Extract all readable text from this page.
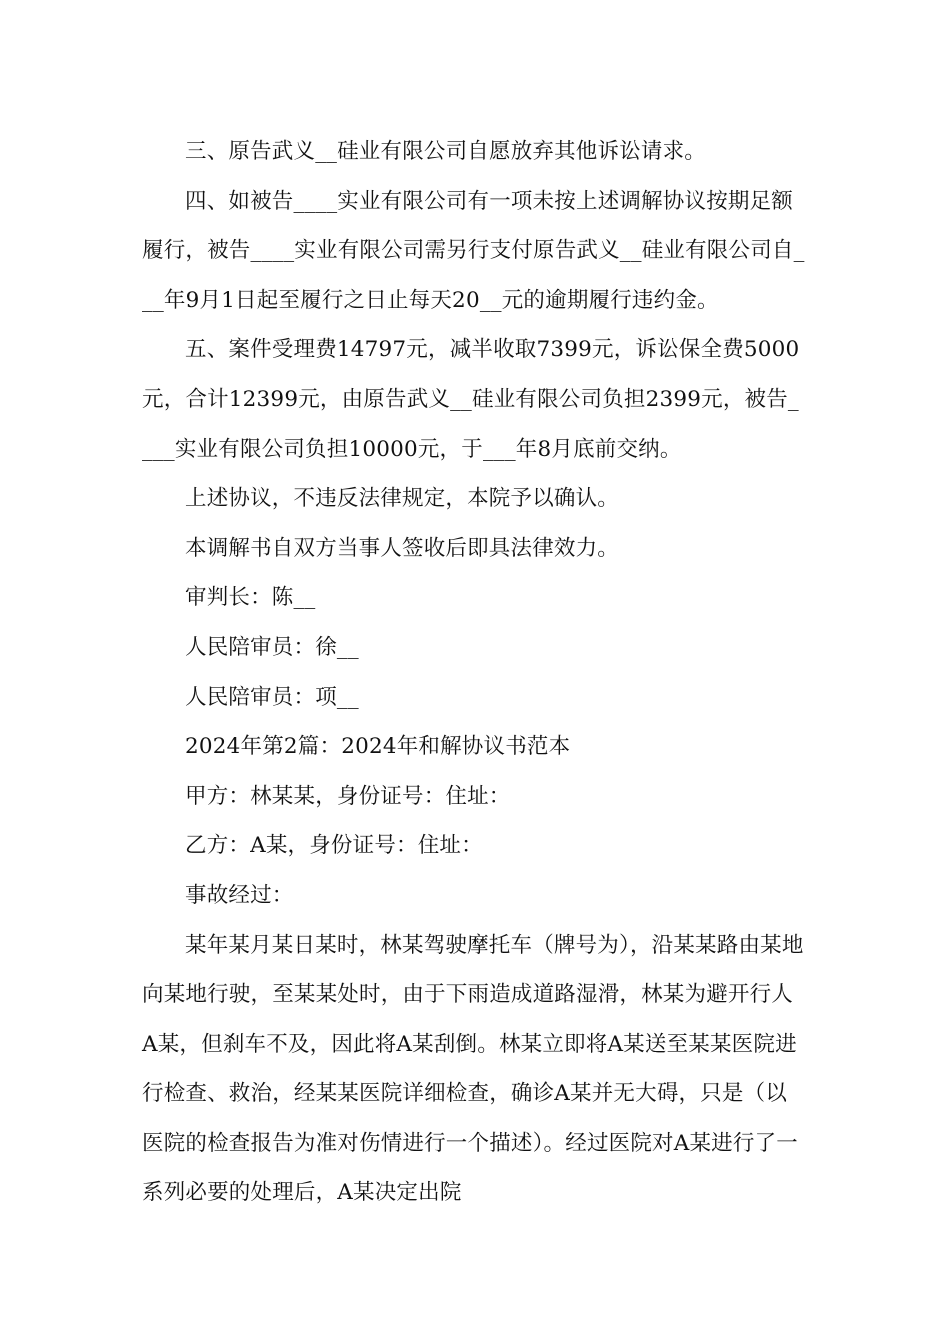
三、原告武义__硅业有限公司自愿放弃其他诉讼请求。

四、如被告____实业有限公司有一项未按上述调解协议按期足额履行，被告____实业有限公司需另行支付原告武义__硅业有限公司自___年9月1日起至履行之日止每天20__元的逾期履行违约金。

五、案件受理费14797元，减半收取7399元，诉讼保全费5000元，合计12399元，由原告武义__硅业有限公司负担2399元，被告____实业有限公司负担10000元，于___年8月底前交纳。

上述协议，不违反法律规定，本院予以确认。

本调解书自双方当事人签收后即具法律效力。

审判长：陈__

人民陪审员：徐__

人民陪审员：项__

2024年第2篇：2024年和解协议书范本

甲方：林某某，身份证号：住址：

乙方：A某，身份证号：住址：

事故经过：

某年某月某日某时，林某驾驶摩托车（牌号为），沿某某路由某地向某地行驶，至某某处时，由于下雨造成道路湿滑，林某为避开行人A某，但刹车不及，因此将A某刮倒。林某立即将A某送至某某医院进行检查、救治，经某某医院详细检查，确诊A某并无大碍，只是（以医院的检查报告为准对伤情进行一个描述）。经过医院对A某进行了一系列必要的处理后，A某决定出院
